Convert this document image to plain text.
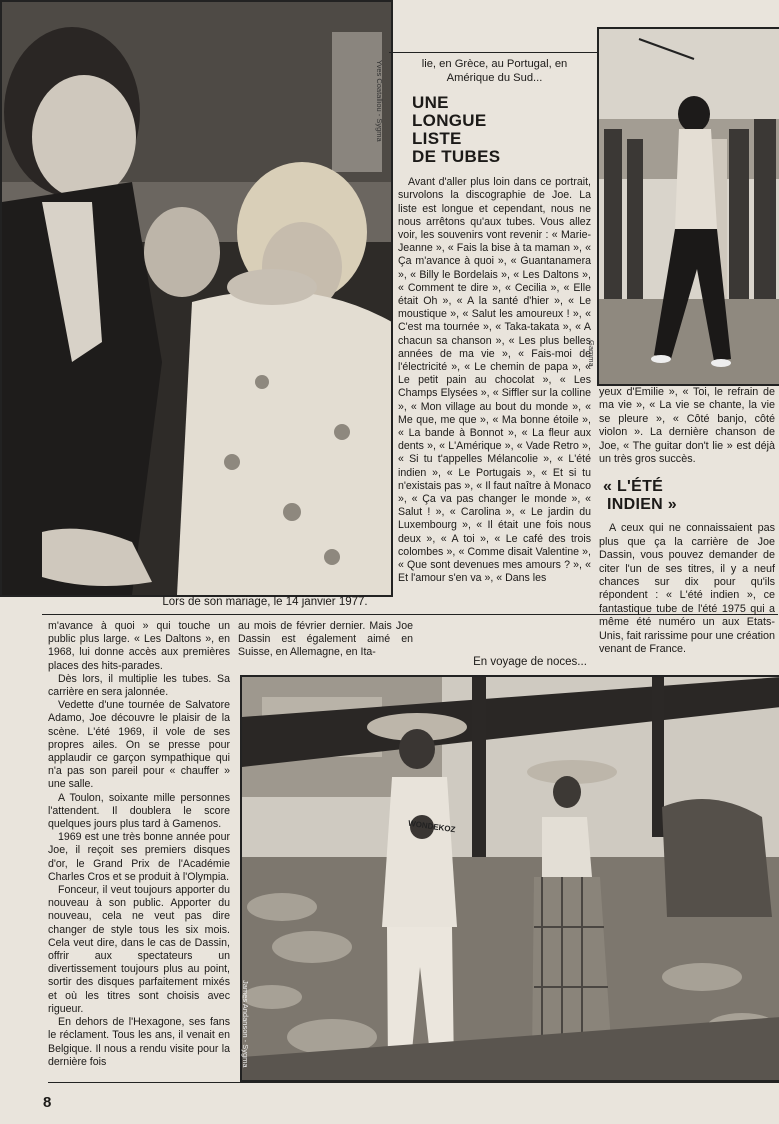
Yves Coatalliou - Sygma
Lors de son mariage, le 14 janvier 1977.

lie, en Grèce, au Portugal, en Amérique du Sud...

UNE
LONGUE
LISTE
DE TUBES

Avant d'aller plus loin dans ce portrait, survolons la discographie de Joe. La liste est longue et cependant, nous ne nous arrêtons qu'aux tubes. Vous allez voir, les souvenirs vont revenir : « Marie-Jeanne », « Fais la bise à ta maman », « Ça m'avance à quoi », « Guantanamera », « Billy le Bordelais », « Les Daltons », « Comment te dire », « Cecilia », « Elle était Oh », « A la santé d'hier », « Le moustique », « Salut les amoureux ! », « C'est ma tournée », « Taka-takata », « A chacun sa chanson », « Les plus belles années de ma vie », « Fais-moi de l'électricité », « Le chemin de papa », « Le petit pain au chocolat », « Les Champs Elysées », « Siffler sur la colline », « Mon village au bout du monde », « Me que, me que », « Ma bonne étoile », « La bande à Bonnot », « La fleur aux dents », « L'Amérique », « Vade Retro », « Si tu t'appelles Mélancolie », « L'été indien », « Le Portugais », « Et si tu n'existais pas », « Il faut naître à Monaco », « Ça va pas changer le monde », « Salut ! », « Carolina », « Le jardin du Luxembourg », « Il était une fois nous deux », « A toi », « Le café des trois colombes », « Comme disait Valentine », « Que sont devenues mes amours ? », « Et l'amour s'en va », « Dans les

Gamma

yeux d'Emilie », « Toi, le refrain de ma vie », « La vie se chante, la vie se pleure », « Côté banjo, côté violon ». La dernière chanson de Joe, « The guitar don't lie » est déjà un très gros succès.

« L'ÉTÉ
INDIEN »

A ceux qui ne connaissaient pas plus que ça la carrière de Joe Dassin, vous pouvez demander de citer l'un de ses titres, il y a neuf chances sur dix pour qu'ils répondent : « L'été indien », ce fantastique tube de l'été 1975 qui a même été numéro un aux Etats-Unis, fait rarissime pour une création venant de France.

m'avance à quoi » qui touche un public plus large. « Les Daltons », en 1968, lui donne accès aux premières places des hits-parades.

Dès lors, il multiplie les tubes. Sa carrière en sera jalonnée.

Vedette d'une tournée de Salvatore Adamo, Joe découvre le plaisir de la scène. L'été 1969, il vole de ses propres ailes. On se presse pour applaudir ce garçon sympathique qui n'a pas son pareil pour « chauffer » une salle.

A Toulon, soixante mille personnes l'attendent. Il doublera le score quelques jours plus tard à Gamenos.

1969 est une très bonne année pour Joe, il reçoit ses premiers disques d'or, le Grand Prix de l'Académie Charles Cros et se produit à l'Olympia.

Fonceur, il veut toujours apporter du nouveau à son public. Apporter du nouveau, cela ne veut pas dire changer de style tous les six mois. Cela veut dire, dans le cas de Dassin, offrir aux spectateurs un divertissement toujours plus au point, sortir des disques parfaitement mixés et où les titres sont choisis avec rigueur.

En dehors de l'Hexagone, ses fans le réclament. Tous les ans, il venait en Belgique. Il nous a rendu visite pour la dernière fois

au mois de février dernier. Mais Joe Dassin est également aimé en Suisse, en Allemagne, en Ita-

En voyage de noces...
WONDEKOZ
James Andanson - Sygma
8
